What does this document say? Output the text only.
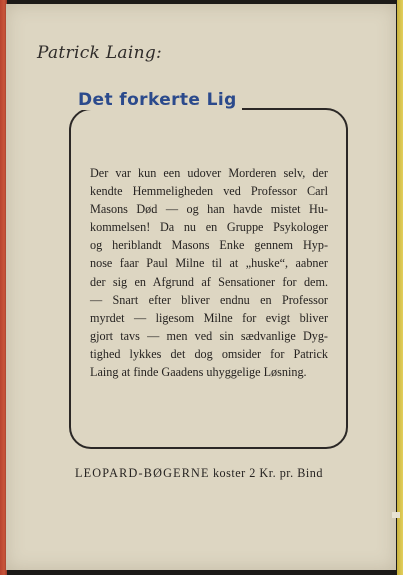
Patrick Laing:
Det forkerte Lig
Der var kun een udover Morderen selv, der
kendte Hemmeligheden ved Professor Carl
Masons Død — og han havde mistet Hu-
kommelsen! Da nu en Gruppe Psykologer
og heriblandt Masons Enke gennem Hyp-
nose faar Paul Milne til at „huske“, aabner
der sig en Afgrund af Sensationer for dem.
— Snart efter bliver endnu en Professor
myrdet — ligesom Milne for evigt bliver
gjort tavs — men ved sin sædvanlige Dyg-
tighed lykkes det dog omsider for Patrick
Laing at finde Gaadens uhyggelige Løsning.
LEOPARD-BØGERNE koster 2 Kr. pr. Bind
